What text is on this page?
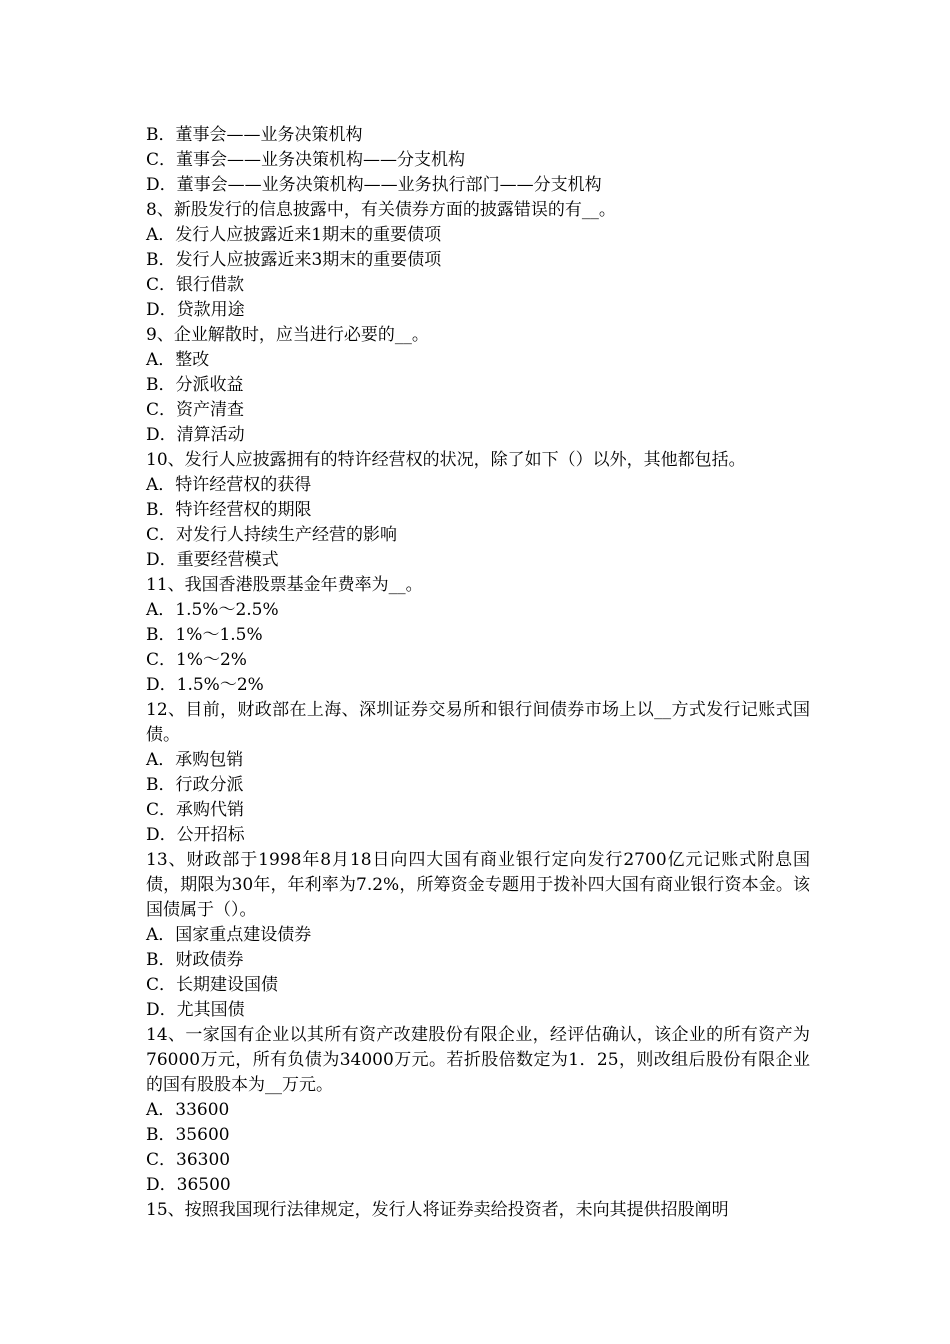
B．董事会——业务决策机构
C．董事会——业务决策机构——分支机构
D．董事会——业务决策机构——业务执行部门——分支机构
8、新股发行的信息披露中，有关债券方面的披露错误的有__。
A．发行人应披露近来1期末的重要债项
B．发行人应披露近来3期末的重要债项
C．银行借款
D．贷款用途
9、企业解散时，应当进行必要的__。
A．整改
B．分派收益
C．资产清查
D．清算活动
10、发行人应披露拥有的特许经营权的状况，除了如下（）以外，其他都包括。
A．特许经营权的获得
B．特许经营权的期限
C．对发行人持续生产经营的影响
D．重要经营模式
11、我国香港股票基金年费率为__。
A．1.5%～2.5%
B．1%～1.5%
C．1%～2%
D．1.5%～2%
12、目前，财政部在上海、深圳证券交易所和银行间债券市场上以__方式发行记账式国债。
A．承购包销
B．行政分派
C．承购代销
D．公开招标
13、财政部于1998年8月18日向四大国有商业银行定向发行2700亿元记账式附息国债，期限为30年，年利率为7.2%，所筹资金专题用于拨补四大国有商业银行资本金。该国债属于（）。
A．国家重点建设债券
B．财政债券
C．长期建设国债
D．尤其国债
14、一家国有企业以其所有资产改建股份有限企业，经评估确认，该企业的所有资产为76000万元，所有负债为34000万元。若折股倍数定为1．25，则改组后股份有限企业的国有股股本为__万元。
A．33600
B．35600
C．36300
D．36500
15、按照我国现行法律规定，发行人将证券卖给投资者，未向其提供招股阐明
